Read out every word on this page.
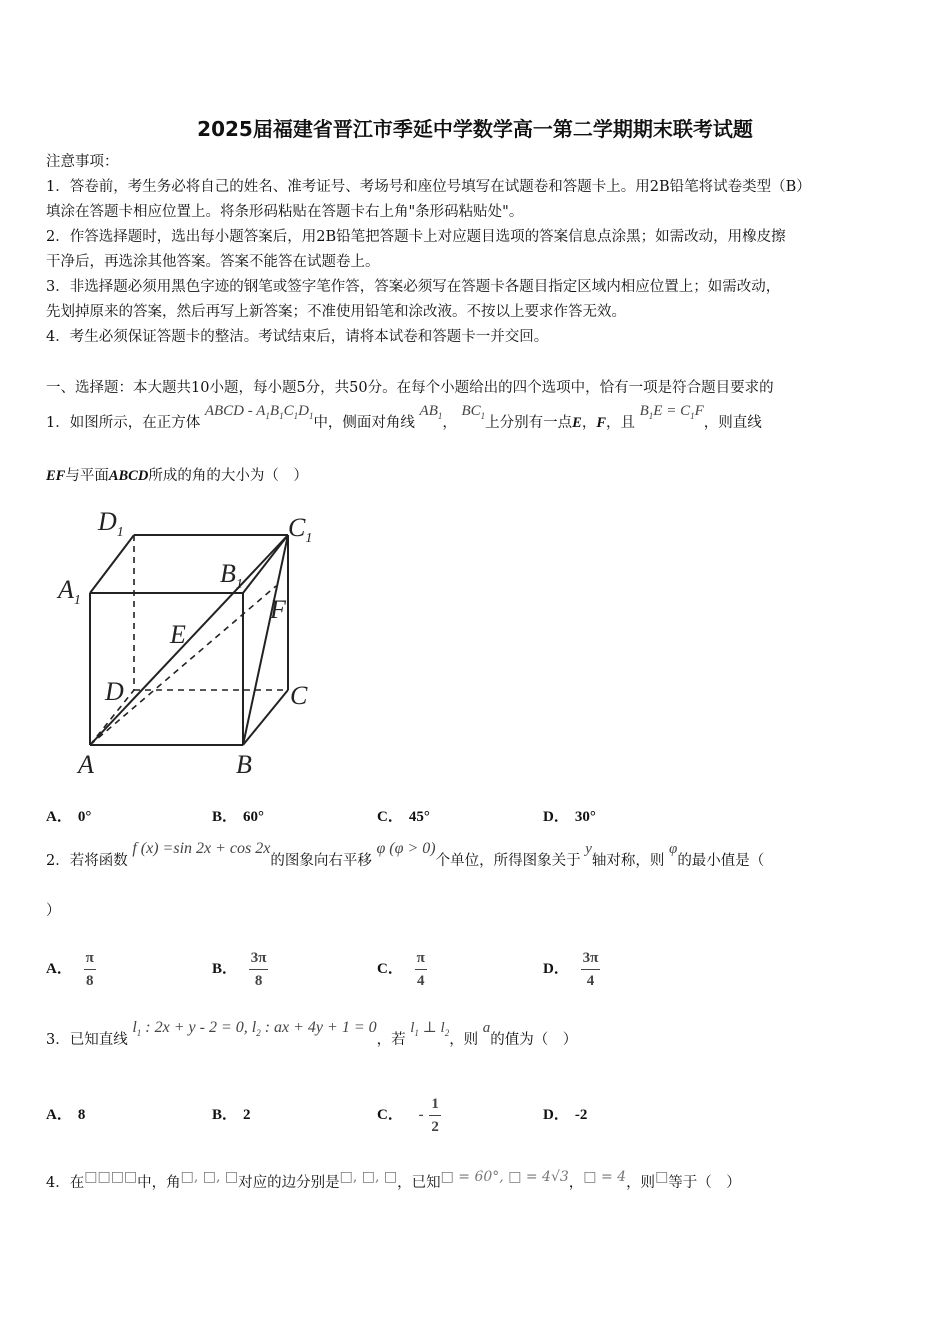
2025届福建省晋江市季延中学数学高一第二学期期末联考试题
注意事项：
1．答卷前，考生务必将自己的姓名、准考证号、考场号和座位号填写在试题卷和答题卡上。用2B铅笔将试卷类型（B）
填涂在答题卡相应位置上。将条形码粘贴在答题卡右上角"条形码粘贴处"。
2．作答选择题时，选出每小题答案后，用2B铅笔把答题卡上对应题目选项的答案信息点涂黑；如需改动，用橡皮擦
干净后，再选涂其他答案。答案不能答在试题卷上。
3．非选择题必须用黑色字迹的钢笔或签字笔作答，答案必须写在答题卡各题目指定区域内相应位置上；如需改动，
先划掉原来的答案，然后再写上新答案；不准使用铅笔和涂改液。不按以上要求作答无效。
4．考生必须保证答题卡的整洁。考试结束后，请将本试卷和答题卡一并交回。
一、选择题：本大题共10小题，每小题5分，共50分。在每个小题给出的四个选项中，恰有一项是符合题目要求的
1．如图所示，在正方体 ABCD - $A_1B_1C_1D_1$中，侧面对角线 $AB_1$， $BC_1$上分别有一点E，F，且 $B_1E = C_1F$，则直线
EF与平面ABCD所成的角的大小为（　）
$D_1$	$C_1$
$A_1$
$B_1$
E
F
D	C
A	B
A． 0°	B． 60°	C． 45°	D． 30°
2．若将函数 f (x) =sin 2x + cos 2x的图象向右平移 φ (φ > 0)个单位，所得图象关于 y轴对称，则 φ的最小值是（
）
A． $\frac{\pi}{8}$	B． $\frac{3\pi}{8}$	C． $\frac{\pi}{4}$	D． $\frac{3\pi}{4}$
3．已知直线 $l_1$ : 2x + y - 2 = 0, $l_2$ : ax + 4y + 1 = 0，若 $l_1$ ⊥ $l_2$，则 a的值为（　）
A． 8	B． 2	C． - $\frac{1}{2}$	D． -2
4．在□□□□中，角□, □, □对应的边分别是□, □, □，已知□ = 60°, □ = 4√3，□ = 4，则□等于（　）
